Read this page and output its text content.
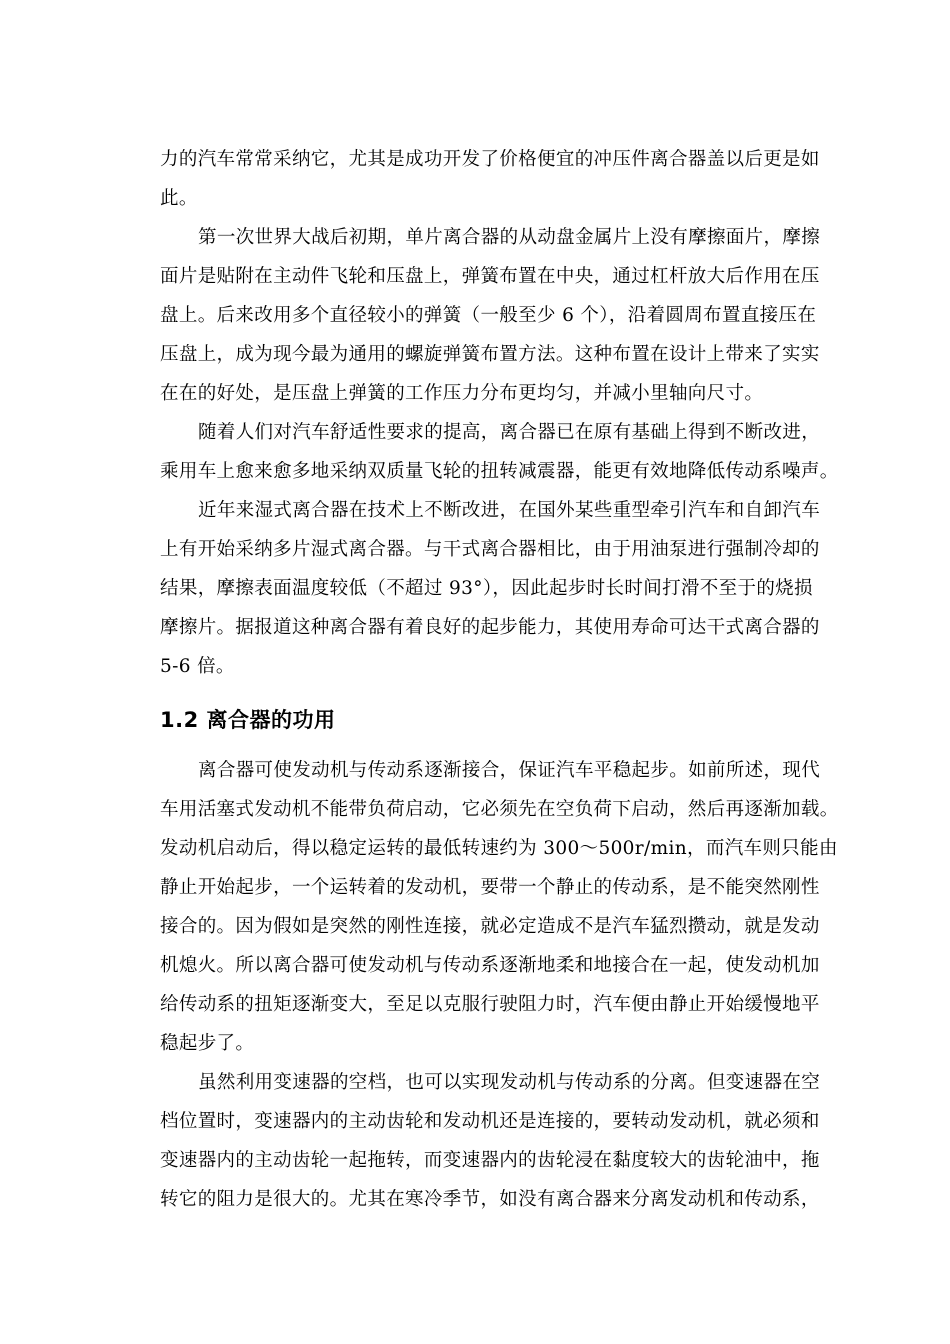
力的汽车常常采纳它，尤其是成功开发了价格便宜的冲压件离合器盖以后更是如
此。
第一次世界大战后初期，单片离合器的从动盘金属片上没有摩擦面片，摩擦
面片是贴附在主动件飞轮和压盘上，弹簧布置在中央，通过杠杆放大后作用在压
盘上。后来改用多个直径较小的弹簧（一般至少 6 个），沿着圆周布置直接压在
压盘上，成为现今最为通用的螺旋弹簧布置方法。这种布置在设计上带来了实实
在在的好处，是压盘上弹簧的工作压力分布更均匀，并减小里轴向尺寸。
随着人们对汽车舒适性要求的提高，离合器已在原有基础上得到不断改进，
乘用车上愈来愈多地采纳双质量飞轮的扭转减震器，能更有效地降低传动系噪声。
近年来湿式离合器在技术上不断改进，在国外某些重型牵引汽车和自卸汽车
上有开始采纳多片湿式离合器。与干式离合器相比，由于用油泵进行强制冷却的
结果，摩擦表面温度较低（不超过 93°），因此起步时长时间打滑不至于的烧损
摩擦片。据报道这种离合器有着良好的起步能力，其使用寿命可达干式离合器的
5-6 倍。
1.2 离合器的功用
离合器可使发动机与传动系逐渐接合，保证汽车平稳起步。如前所述，现代
车用活塞式发动机不能带负荷启动，它必须先在空负荷下启动，然后再逐渐加载。
发动机启动后，得以稳定运转的最低转速约为 300～500r/min，而汽车则只能由
静止开始起步，一个运转着的发动机，要带一个静止的传动系，是不能突然刚性
接合的。因为假如是突然的刚性连接，就必定造成不是汽车猛烈攒动，就是发动
机熄火。所以离合器可使发动机与传动系逐渐地柔和地接合在一起，使发动机加
给传动系的扭矩逐渐变大，至足以克服行驶阻力时，汽车便由静止开始缓慢地平
稳起步了。
虽然利用变速器的空档，也可以实现发动机与传动系的分离。但变速器在空
档位置时，变速器内的主动齿轮和发动机还是连接的，要转动发动机，就必须和
变速器内的主动齿轮一起拖转，而变速器内的齿轮浸在黏度较大的齿轮油中，拖
转它的阻力是很大的。尤其在寒冷季节，如没有离合器来分离发动机和传动系，
